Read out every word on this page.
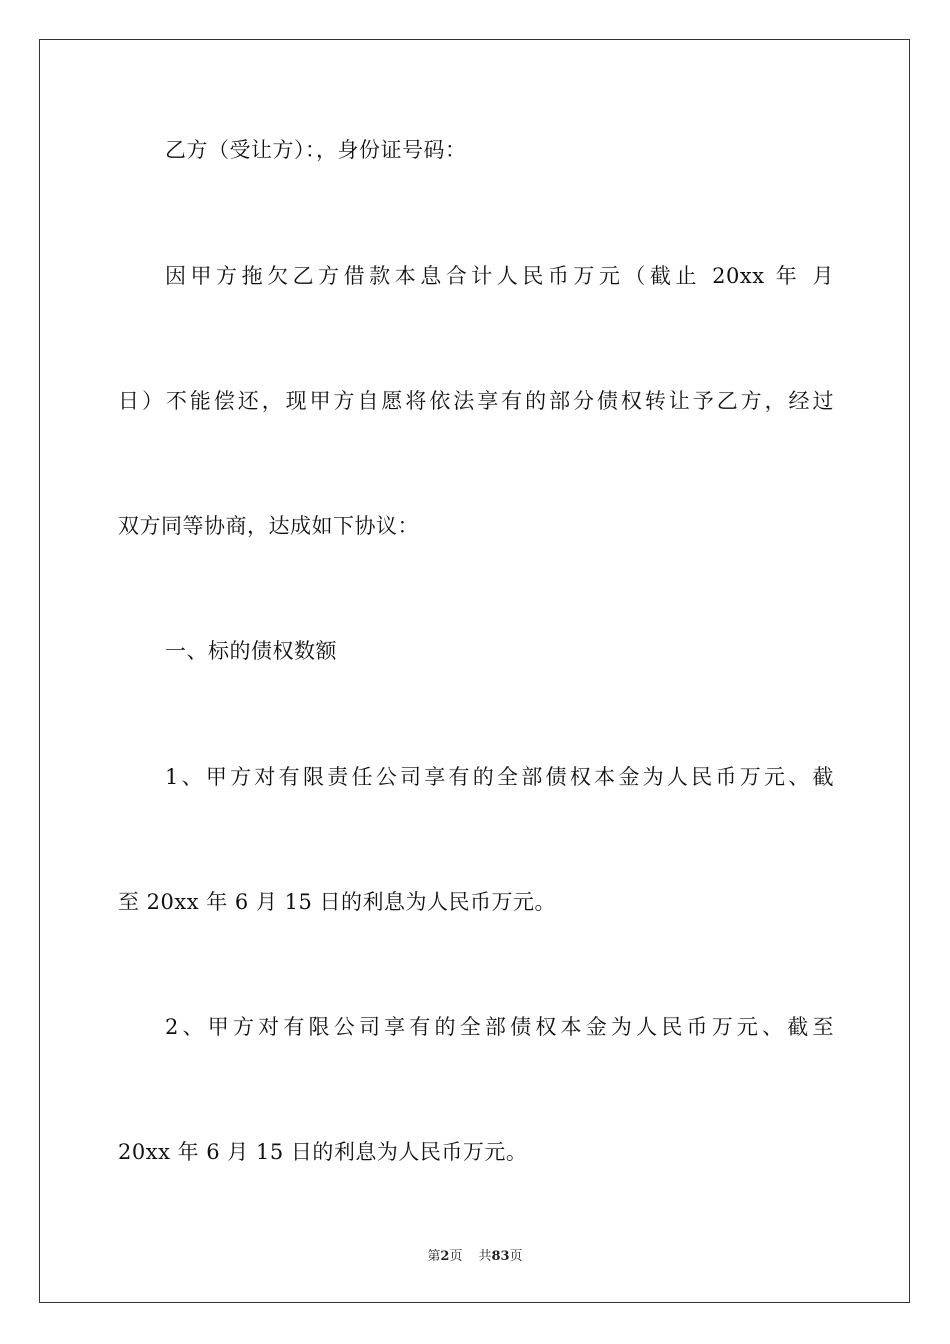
乙方（受让方）：，身份证号码：
因甲方拖欠乙方借款本息合计人民币万元（截止 20xx 年 月
日）不能偿还，现甲方自愿将依法享有的部分债权转让予乙方，经过
双方同等协商，达成如下协议：
一、标的债权数额
1、甲方对有限责任公司享有的全部债权本金为人民币万元、截
至 20xx 年 6 月 15 日的利息为人民币万元。
2、甲方对有限公司享有的全部债权本金为人民币万元、截至
20xx 年 6 月 15 日的利息为人民币万元。
第2页 共83页
